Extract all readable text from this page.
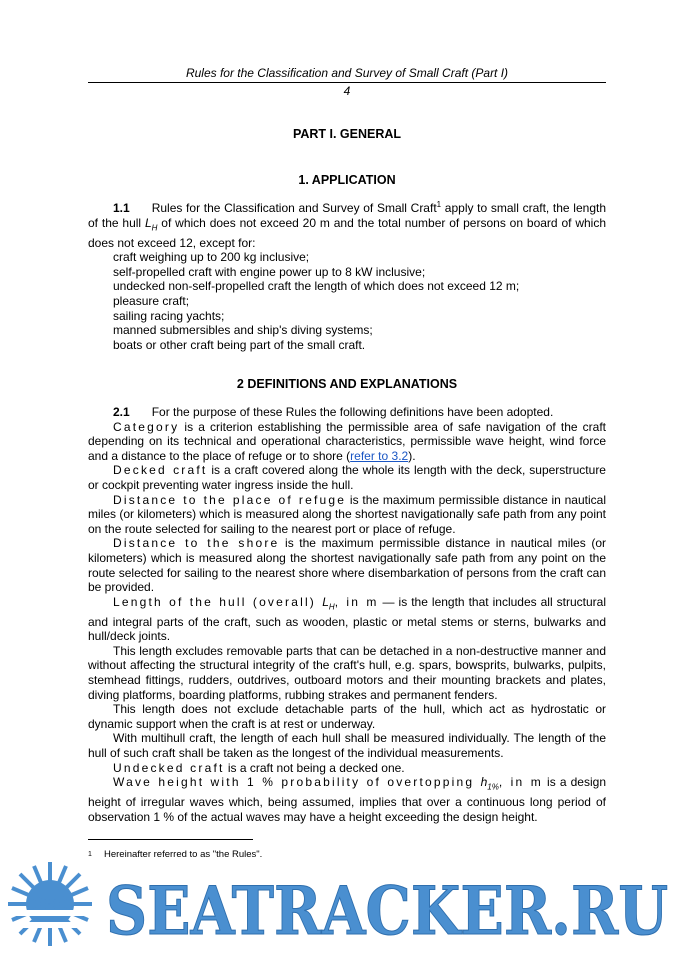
Rules for the Classification and Survey of Small Craft (Part I)
4
PART I. GENERAL
1. APPLICATION

1.1 Rules for the Classification and Survey of Small Craft$^1$ apply to small craft, the length of the hull $L_H$ of which does not exceed 20 m and the total number of persons on board of which does not exceed 12, except for:

craft weighing up to 200 kg inclusive;

self-propelled craft with engine power up to 8 kW inclusive;

undecked non-self-propelled craft the length of which does not exceed 12 m;

pleasure craft;

sailing racing yachts;

manned submersibles and ship's diving systems;

boats or other craft being part of the small craft.

2 DEFINITIONS AND EXPLANATIONS

2.1 For the purpose of these Rules the following definitions have been adopted.

Category is a criterion establishing the permissible area of safe navigation of the craft depending on its technical and operational characteristics, permissible wave height, wind force and a distance to the place of refuge or to shore (refer to 3.2).

Decked craft is a craft covered along the whole its length with the deck, superstructure or cockpit preventing water ingress inside the hull.

Distance to the place of refuge is the maximum permissible distance in nautical miles (or kilometers) which is measured along the shortest navigationally safe path from any point on the route selected for sailing to the nearest port or place of refuge.

Distance to the shore is the maximum permissible distance in nautical miles (or kilometers) which is measured along the shortest navigationally safe path from any point on the route selected for sailing to the nearest shore where disembarkation of persons from the craft can be provided.

Length of the hull (overall) $L_H$, in m — is the length that includes all structural and integral parts of the craft, such as wooden, plastic or metal stems or sterns, bulwarks and hull/deck joints.

This length excludes removable parts that can be detached in a non-destructive manner and without affecting the structural integrity of the craft's hull, e.g. spars, bowsprits, bulwarks, pulpits, stemhead fittings, rudders, outdrives, outboard motors and their mounting brackets and plates, diving platforms, boarding platforms, rubbing strakes and permanent fenders.

This length does not exclude detachable parts of the hull, which act as hydrostatic or dynamic support when the craft is at rest or underway.

With multihull craft, the length of each hull shall be measured individually. The length of the hull of such craft shall be taken as the longest of the individual measurements.

Undecked craft is a craft not being a decked one.

Wave height with 1 % probability of overtopping $h_{1\%}$, in m is a design height of irregular waves which, being assumed, implies that over a continuous long period of observation 1 % of the actual waves may have a height exceeding the design height.

1 Hereinafter referred to as "the Rules".
SEATRACKER.RU
